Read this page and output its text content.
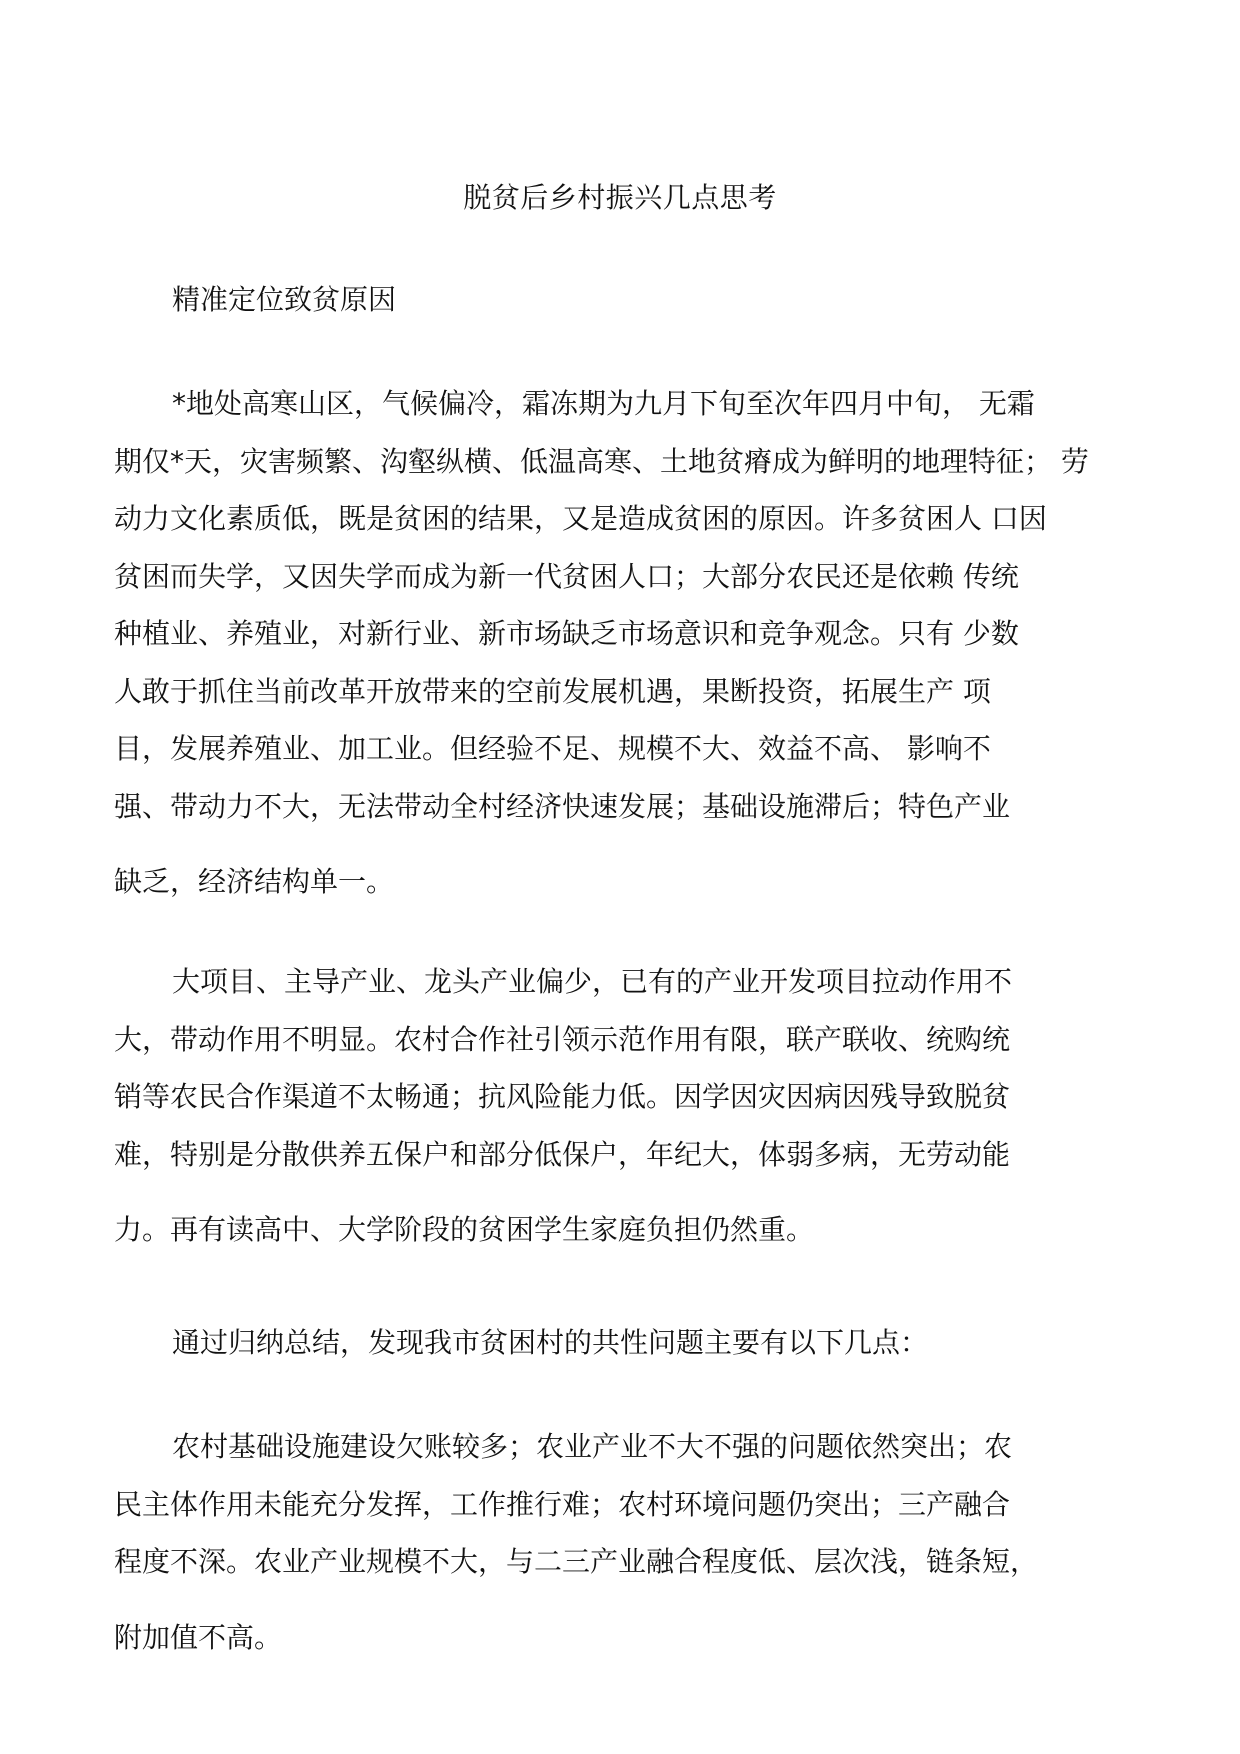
脱贫后乡村振兴几点思考
精准定位致贫原因
*地处高寒山区，气候偏冷，霜冻期为九月下旬至次年四月中旬， 无霜
期仅*天，灾害频繁、沟壑纵横、低温高寒、土地贫瘠成为鲜明的地理特征； 劳
动力文化素质低，既是贫困的结果，又是造成贫困的原因。许多贫困人 口因
贫困而失学，又因失学而成为新一代贫困人口；大部分农民还是依赖 传统
种植业、养殖业，对新行业、新市场缺乏市场意识和竞争观念。只有 少数
人敢于抓住当前改革开放带来的空前发展机遇，果断投资，拓展生产 项
目，发展养殖业、加工业。但经验不足、规模不大、效益不高、 影响不
强、带动力不大，无法带动全村经济快速发展；基础设施滞后；特色产业
缺乏，经济结构单一。
大项目、主导产业、龙头产业偏少，已有的产业开发项目拉动作用不
大，带动作用不明显。农村合作社引领示范作用有限，联产联收、统购统
销等农民合作渠道不太畅通；抗风险能力低。因学因灾因病因残导致脱贫
难，特别是分散供养五保户和部分低保户，年纪大，体弱多病，无劳动能
力。再有读高中、大学阶段的贫困学生家庭负担仍然重。
通过归纳总结，发现我市贫困村的共性问题主要有以下几点：
农村基础设施建设欠账较多；农业产业不大不强的问题依然突出；农
民主体作用未能充分发挥，工作推行难；农村环境问题仍突出；三产融合
程度不深。农业产业规模不大，与二三产业融合程度低、层次浅，链条短，
附加值不高。
